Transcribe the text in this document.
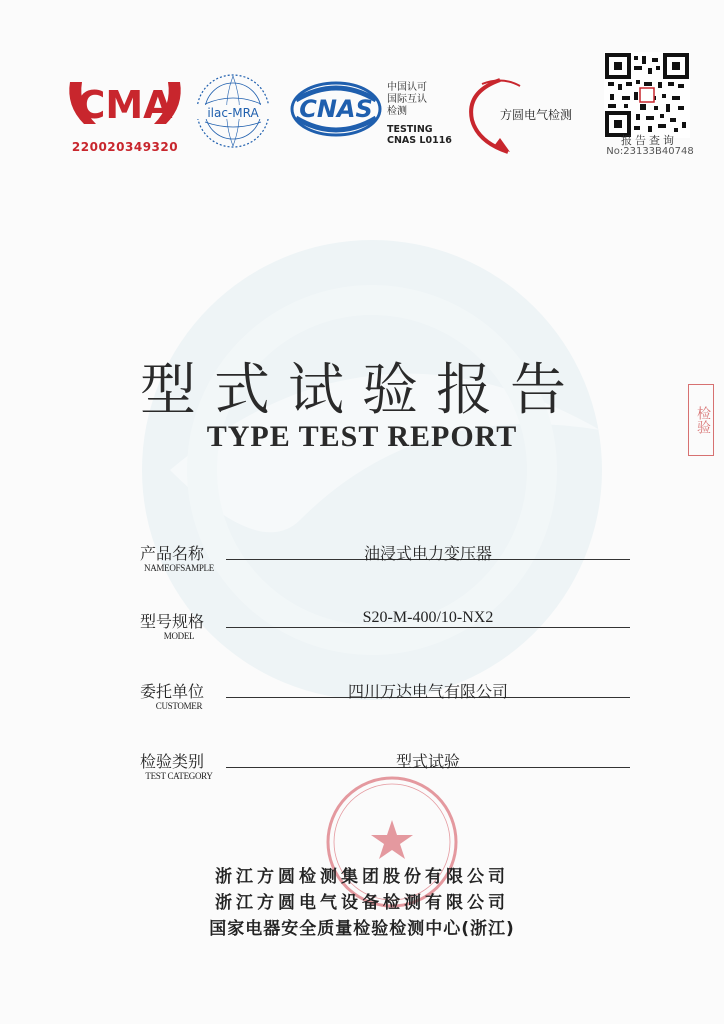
CMA
220020349320
ilac-MRA CNAS
中国认可
国际互认
检测
TESTING
CNAS L0116
方圆电气检测
报告查询
No:23133B40748
检验
型式试验报告
TYPE TEST REPORT
产品名称
NAMEOFSAMPLE
油浸式电力变压器
型号规格
MODEL
S20-M-400/10-NX2
委托单位
CUSTOMER
四川万达电气有限公司
检验类别
TEST CATEGORY
型式试验
浙江方圆检测集团股份有限公司
浙江方圆电气设备检测有限公司
国家电器安全质量检验检测中心(浙江)
